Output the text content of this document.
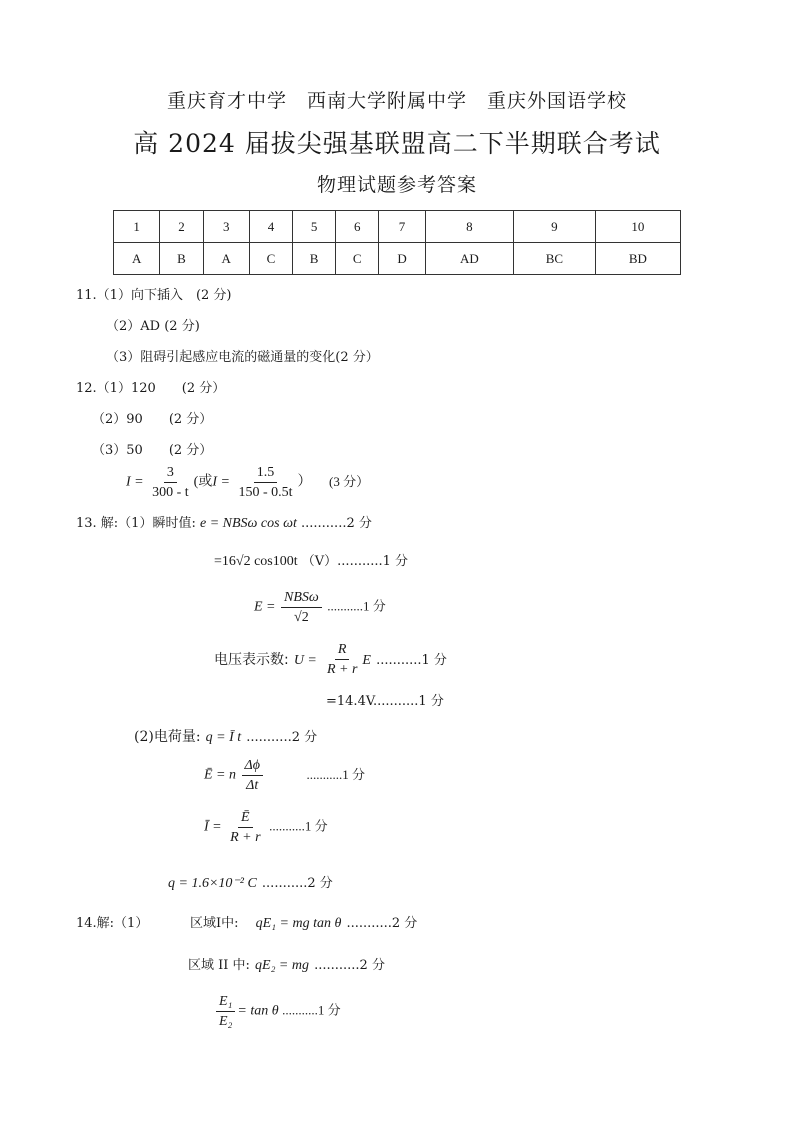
重庆育才中学　西南大学附属中学　重庆外国语学校
高 2024 届拔尖强基联盟高二下半期联合考试
物理试题参考答案
1	2	3	4	5	6	7	8	9	10
A	B	A	C	B	C	D	AD	BC	BD
11.（1）向下插入　(2 分)
（2）AD (2 分)
（3）阻碍引起感应电流的磁通量的变化(2 分）
12.（1）120　　(2 分）
（2）90　　(2 分）
（3）50　　(2 分）
$I = \frac{3}{300 - t}$ (或$I = \frac{1.5}{150 - 0.5t}$ ） (3 分）
13. 解:（1）瞬时值: e = NBSω cos ωt ...........2 分
=16√2 cos100t （V）...........1 分
$E = \frac{\text{NBSω}}{√2} ...........1$ 分
电压表示数: $U = \frac{R}{R + r}$ E ...........1 分
=14.4V...........1 分
(2)电荷量: q = Ī t ...........2 分
Ē = n $\frac{\Delta\phi}{\Delta t}$	...........1 分
Ī = $\frac{Ē}{R + r} ...........1$ 分
q = 1.6×10⁻² C ...........2 分
14.解:（1）	区域I中: qE₁ = mg tan θ ...........2 分
区域 II 中: qE₂ = mg ...........2 分
$\frac{\text{E₁}}{\text{E₂}} = \tan \theta$ ...........1 分
